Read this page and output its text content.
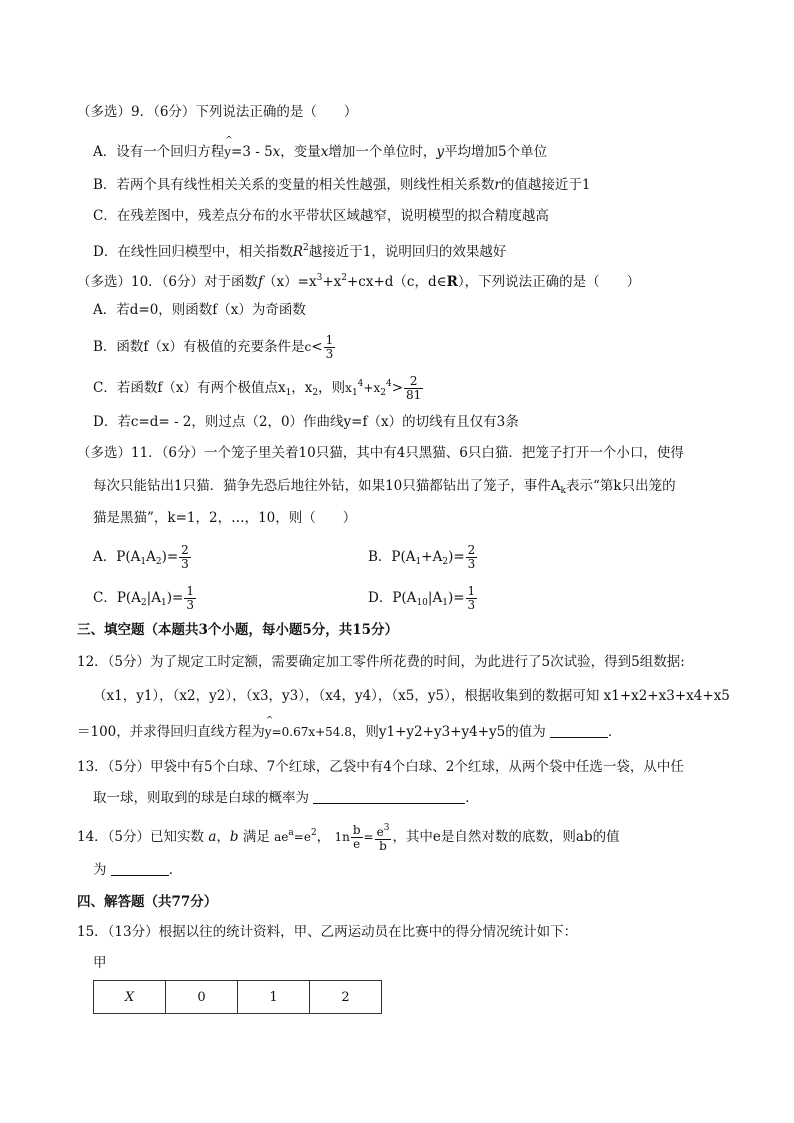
（多选）9．（6分）下列说法正确的是（　　）
A．设有一个回归方程^ y=3 - 5x，变量x增加一个单位时，y平均增加5个单位
B．若两个具有线性相关关系的变量的相关性越强，则线性相关系数r的值越接近于1
C．在残差图中，残差点分布的水平带状区域越窄，说明模型的拟合精度越高
D．在线性回归模型中，相关指数$R^2$越接近于1，说明回归的效果越好
（多选）10．（6分）对于函数$f(x)=x^3+x^2+cx+d(c$，d∈R），下列说法正确的是（　　）
A．若d=0，则函数f（x）为奇函数
B．函数f（x）有极值的充要条件是$c< \frac{1}{3}$
C．若函数f（x）有两个极值点$x_1$，$x_2$，则$x_1^4+x_2^4> \frac{2}{81}$
D．若c=d= - 2，则过点（2，0）作曲线y=f（x）的切线有且仅有3条
（多选）11．（6分）一个笼子里关着10只猫，其中有4只黑猫、6只白猫．把笼子打开一个小口，使得
每次只能钻出1只猫．猫争先恐后地往外钻，如果10只猫都钻出了笼子，事件$A_k$表示“第k只出笼的
猫是黑猫”，k=1，2，…，10，则（　　）
A．$P(A_1A_2)= \frac{2}{3}$	B．$P(A_1+A_2)= \frac{2}{3}$
C．$P(A_2|A_1)= \frac{1}{3}$	D．$P(A_{10}|A_1)= \frac{1}{3}$
三、填空题（本题共3个小题，每小题5分，共15分）
12．（5分）为了规定工时定额，需要确定加工零件所花费的时间，为此进行了5次试验，得到5组数据:
（x1，y1），（x2，y2），（x3，y3），（x4，y4），（x5，y5），根据收集到的数据可知 x1+x2+x3+x4+x5
＝100，并求得回归直线方程为^ y=0.67x+54.8，则y1+y2+y3+y4+y5的值为	．
13．（5分）甲袋中有5个白球、7个红球，乙袋中有4个白球、2个红球，从两个袋中任选一袋，从中任
取一球，则取到的球是白球的概率为	．
14．（5分）已知实数 a，b 满足 $ae^a=e^2$， $1n \frac{b}{e} = \frac{e^3}{b}$ ，其中e是自然对数的底数，则ab的值
为	．
四、解答题（共77分）
15．（13分）根据以往的统计资料，甲、乙两运动员在比赛中的得分情况统计如下：
甲
X	0	1	2
